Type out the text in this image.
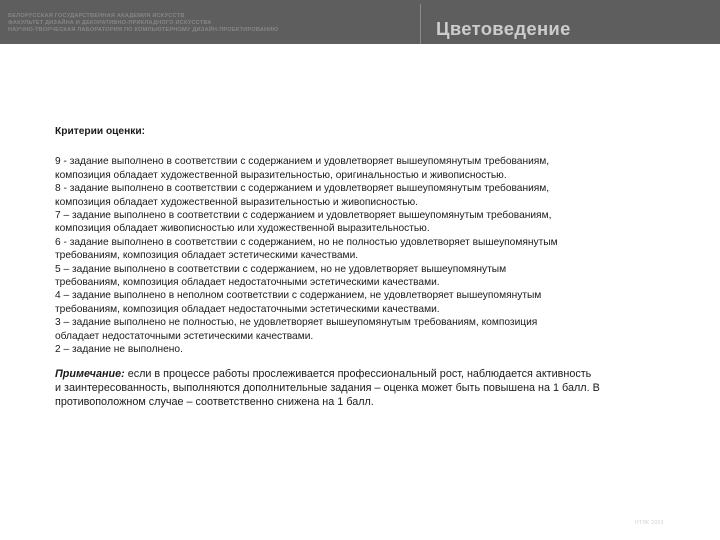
БЕЛОРУССКАЯ ГОСУДАРСТВЕННАЯ АКАДЕМИЯ ИСКУССТВ
ФАКУЛЬТЕТ ДИЗАЙНА И ДЕКОРАТИВНО-ПРИКЛАДНОГО ИСКУССТВА
НАУЧНО-ТВОРЧЕСКАЯ ЛАБОРАТОРИЯ ПО КОМПЬЮТЕРНОМУ ДИЗАЙН-ПРОЕКТИРОВАНИЮ	Цветоведение
Критерии оценки:
9 - задание выполнено в соответствии с содержанием и удовлетворяет вышеупомянутым требованиям,
композиция обладает художественной выразительностью, оригинальностью и живописностью.
8 - задание выполнено в соответствии с содержанием и удовлетворяет вышеупомянутым требованиям,
композиция обладает художественной выразительностью и живописностью.
7 – задание выполнено в соответствии с содержанием и удовлетворяет вышеупомянутым требованиям,
композиция обладает живописностью или художественной выразительностью.
6 - задание выполнено в соответствии с содержанием, но не полностью удовлетворяет вышеупомянутым
требованиям, композиция обладает эстетическими качествами.
5 – задание выполнено в соответствии с содержанием, но не удовлетворяет вышеупомянутым
требованиям, композиция обладает недостаточными эстетическими качествами.
4 – задание выполнено в неполном соответствии с содержанием, не удовлетворяет вышеупомянутым
требованиям, композиция обладает недостаточными эстетическими качествами.
3 – задание выполнено не полностью, не удовлетворяет вышеупомянутым требованиям, композиция
обладает недостаточными эстетическими качествами.
2 – задание не выполнено.
Примечание: если в процессе работы прослеживается профессиональный рост, наблюдается активность
и заинтересованность, выполняются дополнительные задания – оценка может быть повышена на 1 балл. В
противоположном случае – соответственно снижена на 1 балл.
НТЛК 2003
